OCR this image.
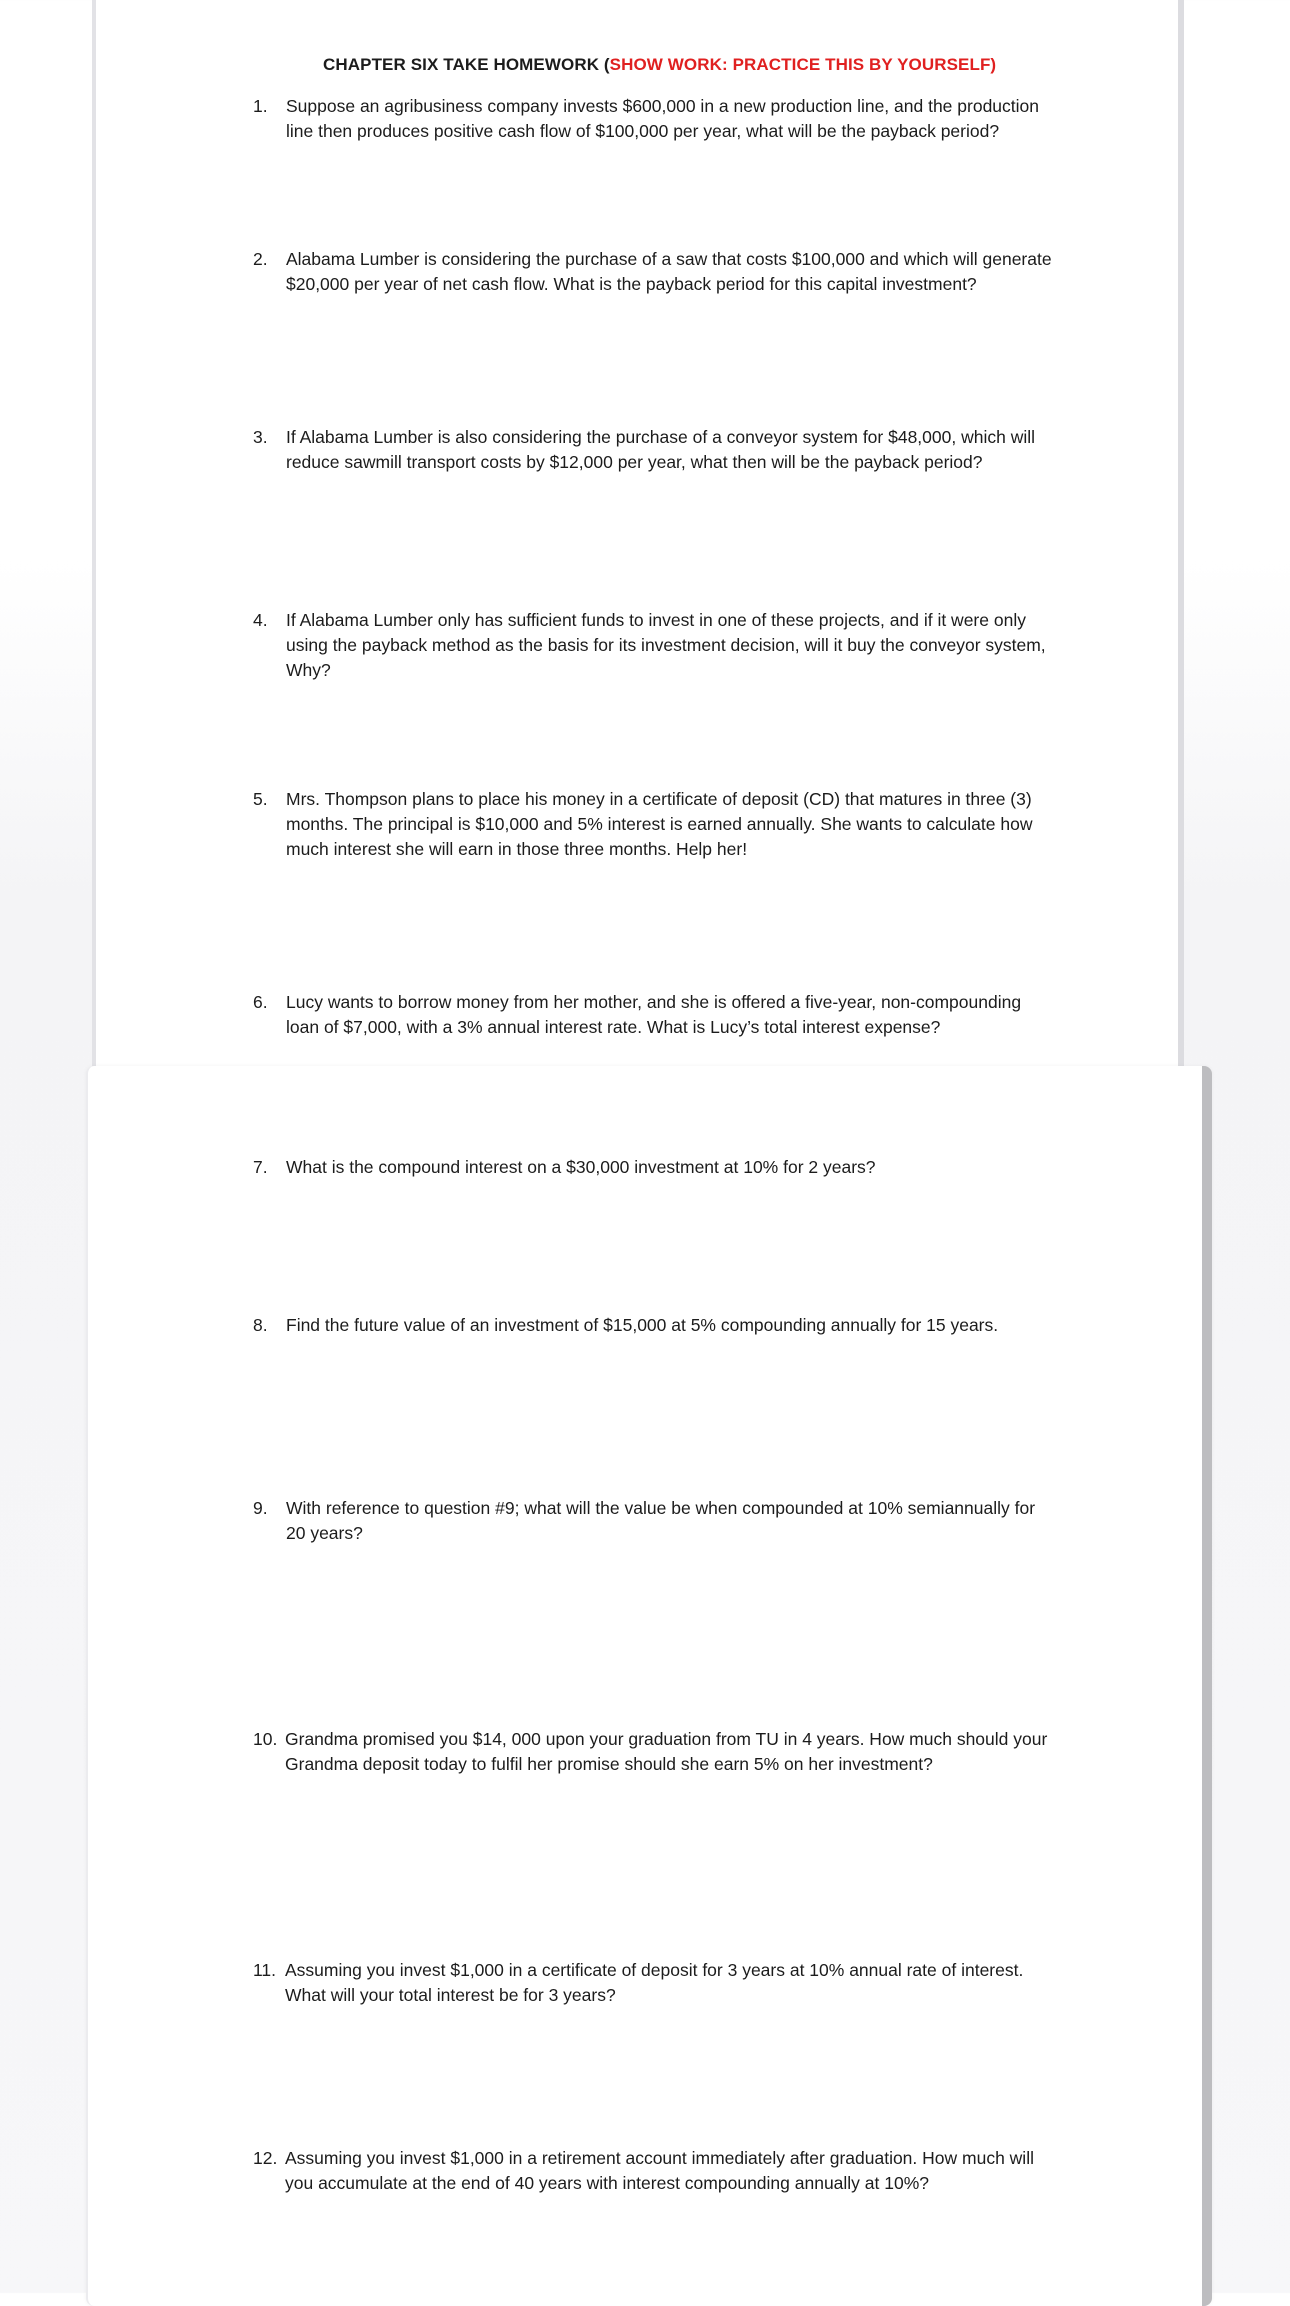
CHAPTER SIX TAKE HOMEWORK (SHOW WORK: PRACTICE THIS BY YOURSELF)
1. Suppose an agribusiness company invests $600,000 in a new production line, and the production line then produces positive cash flow of $100,000 per year, what will be the payback period?
2. Alabama Lumber is considering the purchase of a saw that costs $100,000 and which will generate $20,000 per year of net cash flow. What is the payback period for this capital investment?
3. If Alabama Lumber is also considering the purchase of a conveyor system for $48,000, which will reduce sawmill transport costs by $12,000 per year, what then will be the payback period?
4. If Alabama Lumber only has sufficient funds to invest in one of these projects, and if it were only using the payback method as the basis for its investment decision, will it buy the conveyor system, Why?
5. Mrs. Thompson plans to place his money in a certificate of deposit (CD) that matures in three (3) months. The principal is $10,000 and 5% interest is earned annually. She wants to calculate how much interest she will earn in those three months. Help her!
6. Lucy wants to borrow money from her mother, and she is offered a five-year, non-compounding loan of $7,000, with a 3% annual interest rate. What is Lucy’s total interest expense?
7. What is the compound interest on a $30,000 investment at 10% for 2 years?
8. Find the future value of an investment of $15,000 at 5% compounding annually for 15 years.
9. With reference to question #9; what will the value be when compounded at 10% semiannually for 20 years?
10. Grandma promised you $14, 000 upon your graduation from TU in 4 years. How much should your Grandma deposit today to fulfil her promise should she earn 5% on her investment?
11. Assuming you invest $1,000 in a certificate of deposit for 3 years at 10% annual rate of interest. What will your total interest be for 3 years?
12. Assuming you invest $1,000 in a retirement account immediately after graduation. How much will you accumulate at the end of 40 years with interest compounding annually at 10%?
